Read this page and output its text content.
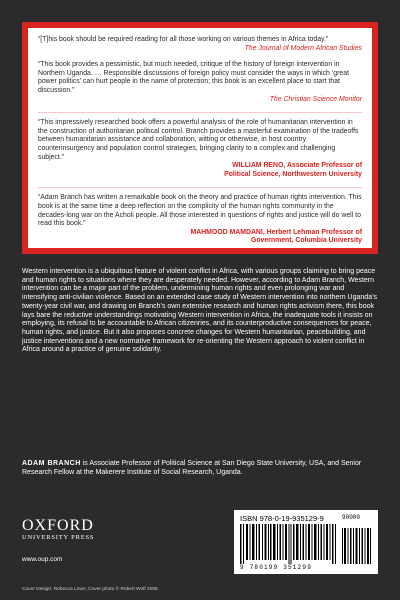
“[T]his book should be required reading for all those working on various themes in Africa today.”

The Journal of Modern African Studies

“This book provides a pessimistic, but much needed, critique of the history of foreign intervention in Northern Uganda. … Responsible discussions of foreign policy must consider the ways in which ‘great power politics’ can hurt people in the name of protection; this book is an excellent place to start that discussion.”

The Christian Science Monitor

“This impressively researched book offers a powerful analysis of the role of humanitarian intervention in the construction of authoritarian political control. Branch provides a masterful examination of the tradeoffs between humanitarian assistance and collaboration, witting or otherwise, in host country counterinsurgency and population control strategies, bringing clarity to a complex and challenging subject.”

WILLIAM RENO, Associate Professor of

Political Science, Northwestern University

“Adam Branch has written a remarkable book on the theory and practice of human rights intervention. This book is at the same time a deep reflection on the complicity of the human rights community in the decades-long war on the Acholi people. All those interested in questions of rights and justice will do well to read this book.”

MAHMOOD MAMDANI, Herbert Lehman Professor of

Government, Columbia University

Western intervention is a ubiquitous feature of violent conflict in Africa, with various groups claiming to bring peace and human rights to situations where they are desperately needed. However, according to Adam Branch, Western intervention can be a major part of the problem, undermining human rights and even prolonging war and intensifying anti-civilian violence. Based on an extended case study of Western intervention into northern Uganda’s twenty-year civil war, and drawing on Branch’s own extensive research and human rights activism there, this book lays bare the reductive understandings motivating Western intervention in Africa, the inadequate tools it insists on employing, its refusal to be accountable to African citizenries, and its counterproductive consequences for peace, human rights, and justice. But it also proposes concrete changes for Western humanitarian, peacebuilding, and justice interventions and a new normative framework for re-orienting the Western approach to violent conflict in Africa around a practice of genuine solidarity.

ADAM BRANCH is Associate Professor of Political Science at San Diego State University, USA, and Senior Research Fellow at the Makerere Institute of Social Research, Uganda.

OXFORD
UNIVERSITY PRESS
www.oup.com
ISBN 978-0-19-935129-9
9 780199 351299
90000
Cover Design: Rebecca Lown; Cover photo © Robert Wolf 2005
